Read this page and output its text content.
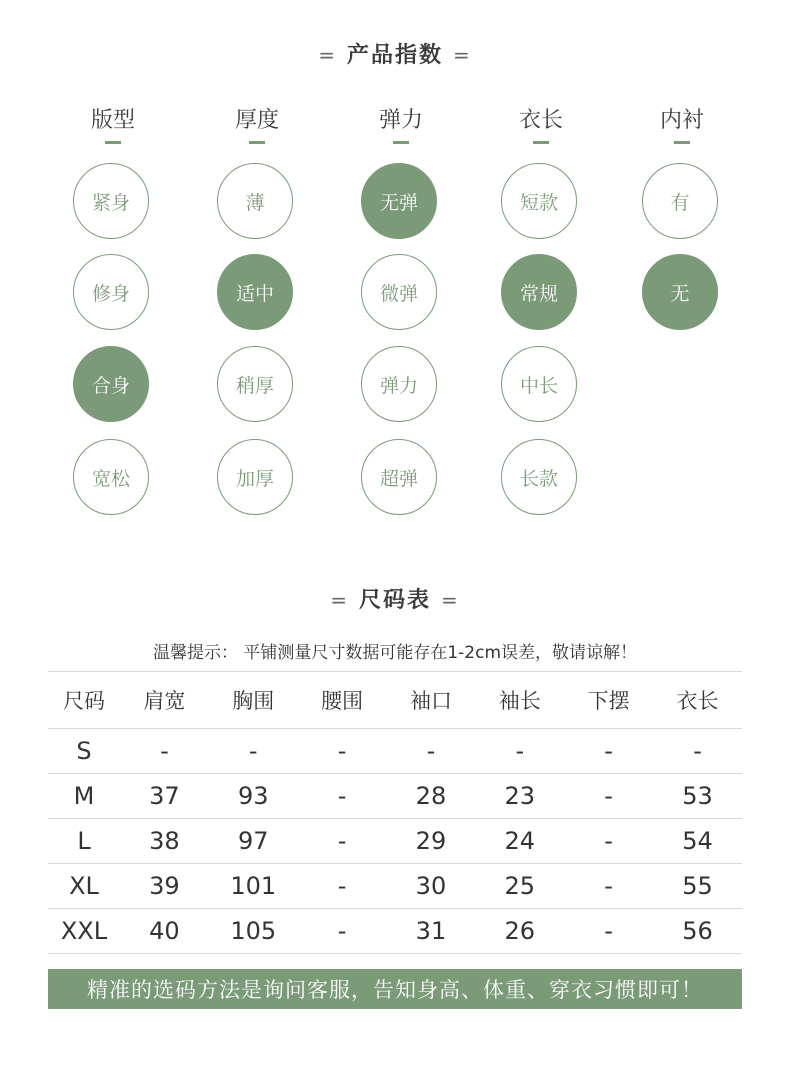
= 产品指数 =
版型
紧身
修身
合身
宽松
厚度
薄
适中
稍厚
加厚
弹力
无弹
微弹
弹力
超弹
衣长
短款
常规
中长
长款
内衬
有
无
= 尺码表 =
温馨提示： 平铺测量尺寸数据可能存在1-2cm误差，敬请谅解！
尺码	肩宽	胸围	腰围	袖口	袖长	下摆	衣长
S	-	-	-	-	-	-	-
M	37	93	-	28	23	-	53
L	38	97	-	29	24	-	54
XL	39	101	-	30	25	-	55
XXL	40	105	-	31	26	-	56
精准的选码方法是询问客服，告知身高、体重、穿衣习惯即可！
